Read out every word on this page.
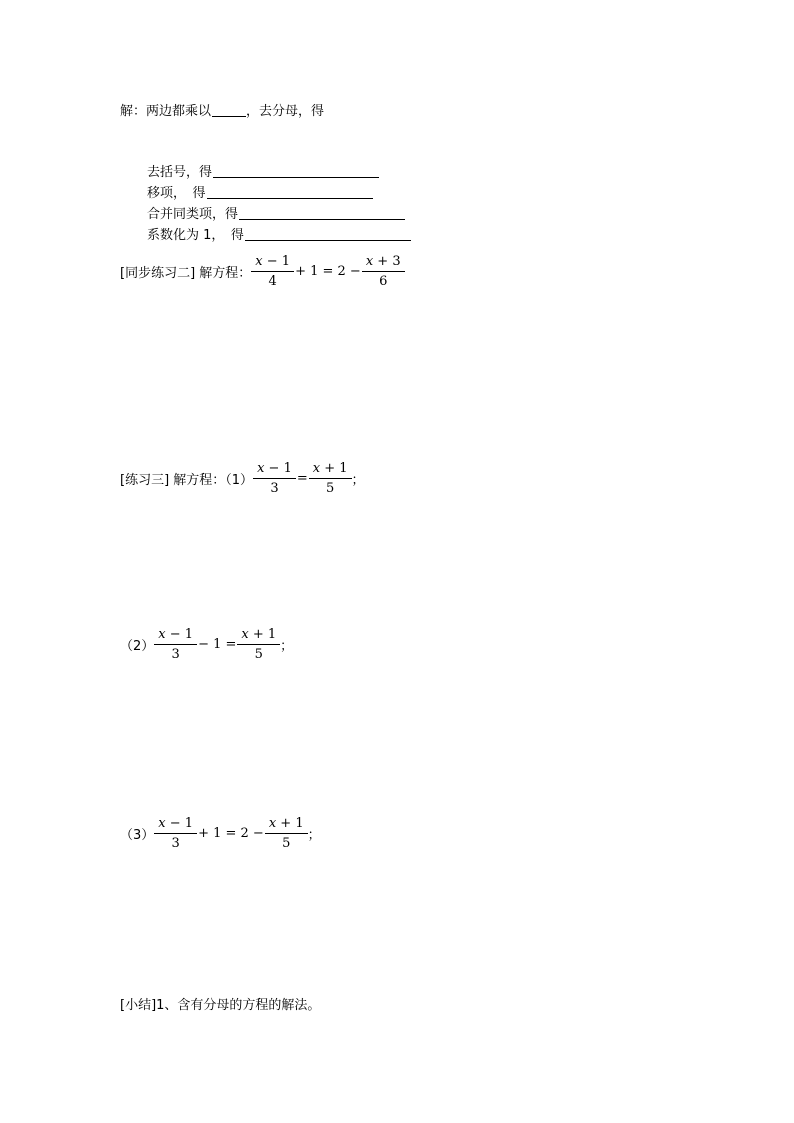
解：两边都乘以	，去分母，得
去括号，得
移项，　得
合并同类项，得
系数化为 1，　得
[同步练习二] 解方程： $\frac{x - 1}{4} + 1 = 2 - \frac{x + 3}{6}$
[练习三] 解方程：$(1) \frac{x - 1}{3} = \frac{x + 1}{5}$ ；
$(2) \frac{x - 1}{3} - 1 = \frac{x + 1}{5}$ ；
$(3) \frac{x - 1}{3} + 1 = 2 - \frac{x + 1}{5}$ ；
[小结]1、含有分母的方程的解法。
